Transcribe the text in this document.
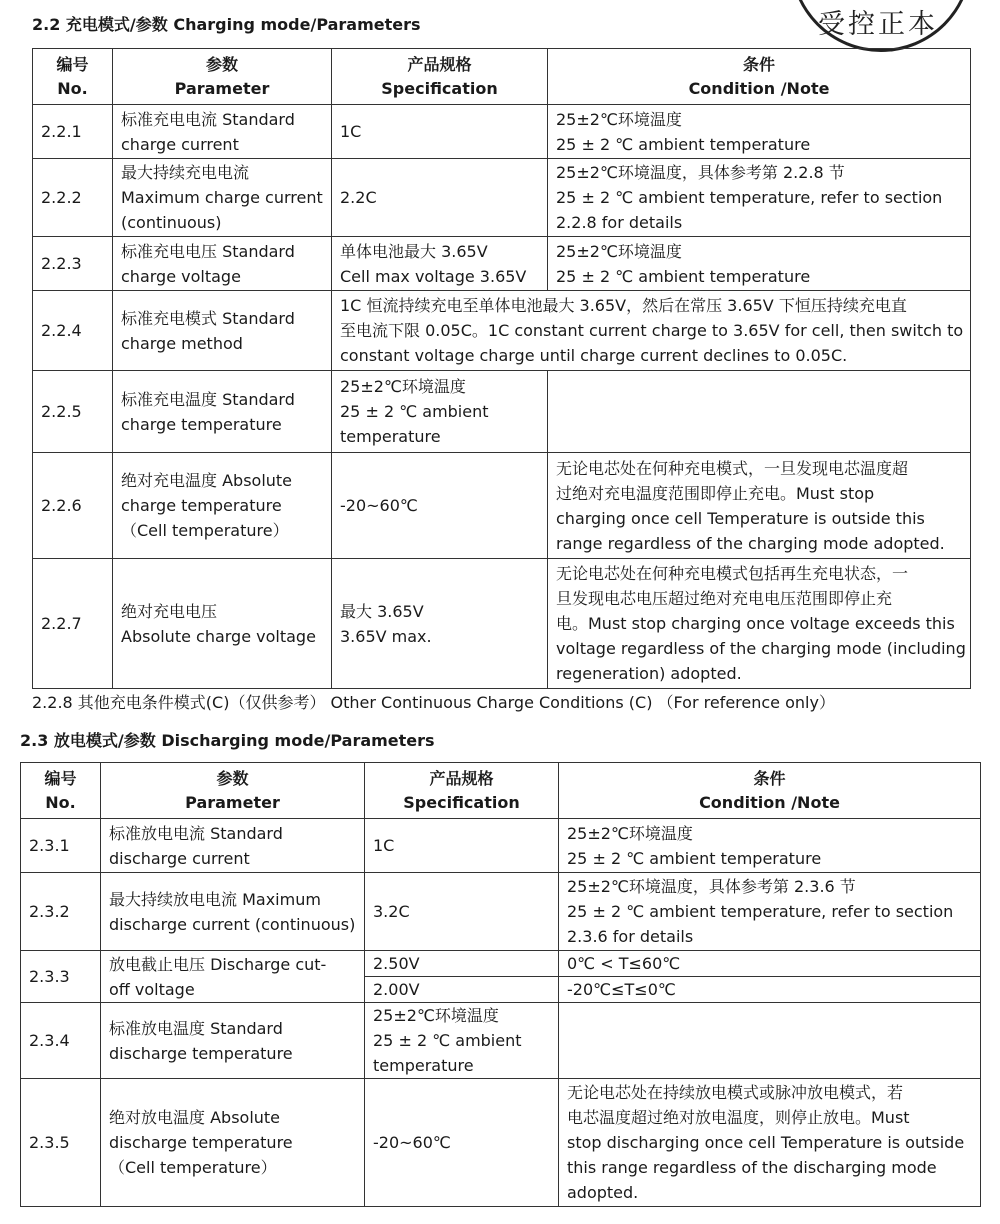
受控正本
2.2 充电模式/参数 Charging mode/Parameters
编号
No.	参数
Parameter	产品规格
Specification	条件
Condition /Note

2.2.1	标准充电电流 Standard
charge current	1C	25±2℃环境温度
25 ± 2 ℃ ambient temperature

2.2.2	最大持续充电电流
Maximum charge current
(continuous)	2.2C	25±2℃环境温度，具体参考第 2.2.8 节
25 ± 2 ℃ ambient temperature, refer to section
2.2.8 for details

2.2.3	标准充电电压 Standard
charge voltage	单体电池最大 3.65V
Cell max voltage 3.65V	25±2℃环境温度
25 ± 2 ℃ ambient temperature

2.2.4	标准充电模式 Standard
charge method	1C 恒流持续充电至单体电池最大 3.65V，然后在常压 3.65V 下恒压持续充电直
至电流下限 0.05C。1C constant current charge to 3.65V for cell, then switch to
constant voltage charge until charge current declines to 0.05C.	

2.2.5	标准充电温度 Standard
charge temperature	25±2℃环境温度
25 ± 2 ℃ ambient
temperature	

2.2.6	绝对充电温度 Absolute
charge temperature
（Cell temperature）	-20~60℃	无论电芯处在何种充电模式，一旦发现电芯温度超
过绝对充电温度范围即停止充电。Must stop
charging once cell Temperature is outside this
range regardless of the charging mode adopted.

2.2.7	绝对充电电压
Absolute charge voltage	最大 3.65V
3.65V max.	无论电芯处在何种充电模式包括再生充电状态，一
旦发现电芯电压超过绝对充电电压范围即停止充
电。Must stop charging once voltage exceeds this
voltage regardless of the charging mode (including
regeneration) adopted.
2.2.8 其他充电条件模式(C)（仅供参考） Other Continuous Charge Conditions (C) （For reference only）
2.3 放电模式/参数 Discharging mode/Parameters
编号
No.	参数
Parameter	产品规格
Specification	条件
Condition /Note

2.3.1	标准放电电流 Standard
discharge current	1C	25±2℃环境温度
25 ± 2 ℃ ambient temperature

2.3.2	最大持续放电电流 Maximum
discharge current (continuous)	3.2C	25±2℃环境温度，具体参考第 2.3.6 节
25 ± 2 ℃ ambient temperature, refer to section
2.3.6 for details

2.3.3	放电截止电压 Discharge cut-
off voltage	2.50V	0℃ < T≤60℃
		2.00V	-20℃≤T≤0℃
2.3.4	标准放电温度 Standard
discharge temperature	25±2℃环境温度
25 ± 2 ℃ ambient
temperature	

2.3.5	绝对放电温度 Absolute
discharge temperature
（Cell temperature）	-20~60℃	无论电芯处在持续放电模式或脉冲放电模式，若
电芯温度超过绝对放电温度，则停止放电。Must
stop discharging once cell Temperature is outside
this range regardless of the discharging mode
adopted.
